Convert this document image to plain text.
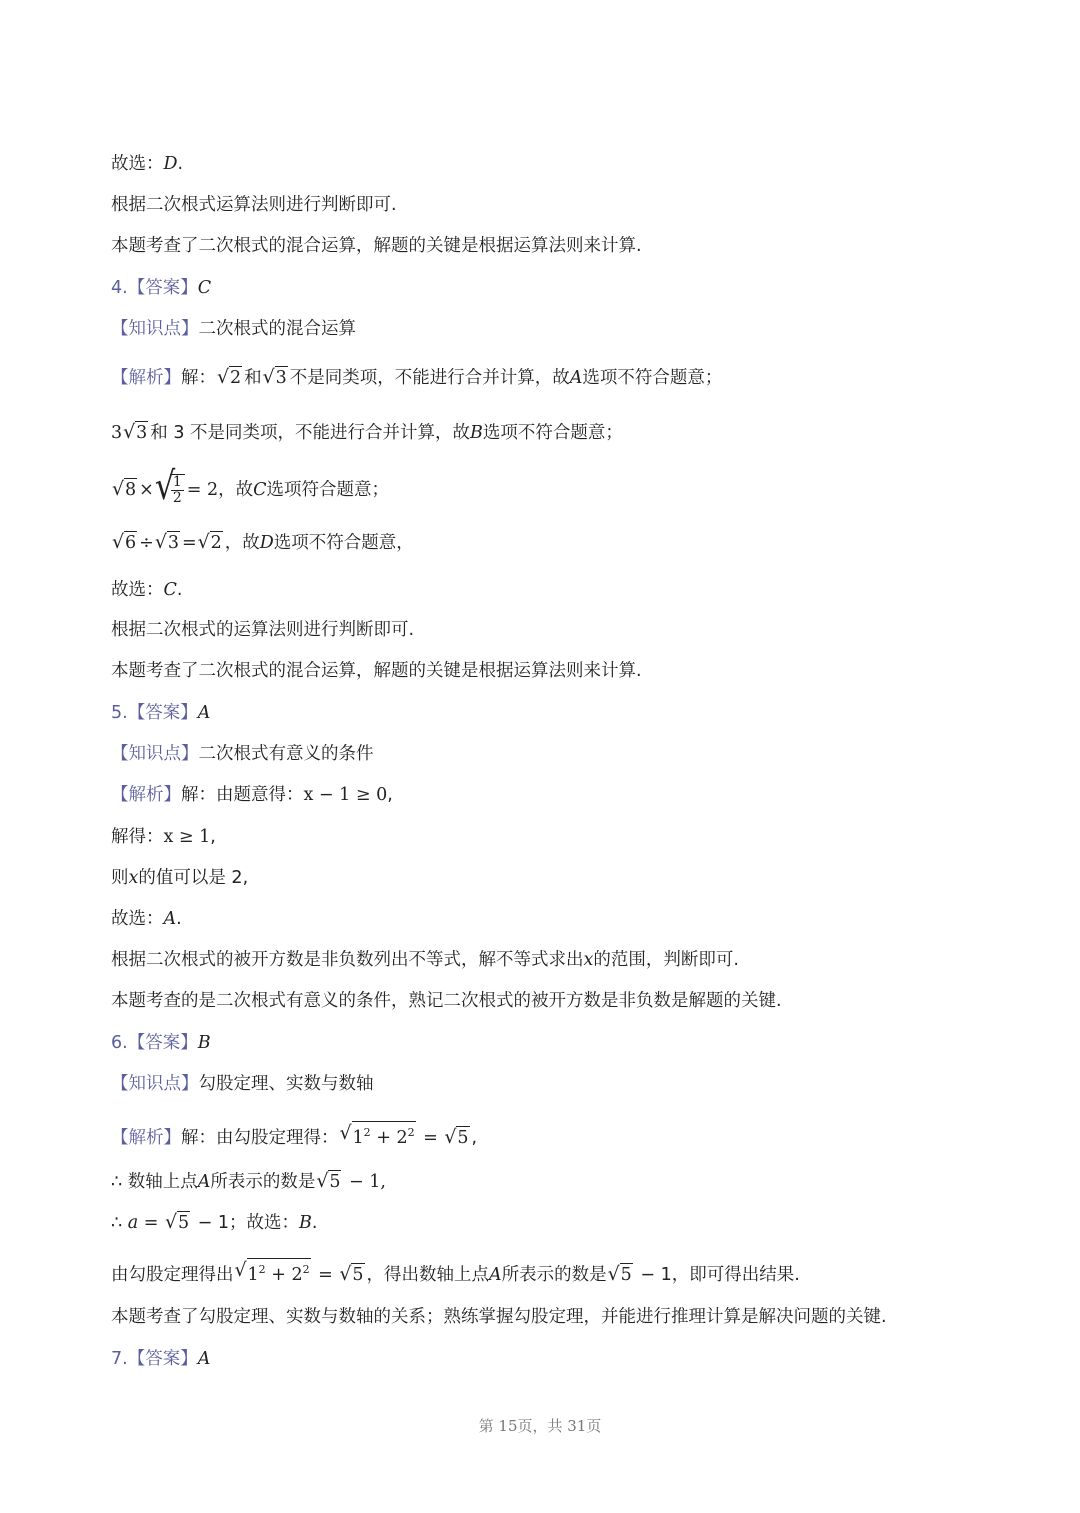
故选：D.
根据二次根式运算法则进行判断即可.
本题考查了二次根式的混合运算，解题的关键是根据运算法则来计算.
4.【答案】C
【知识点】二次根式的混合运算
【解析】解： √ 2 和 √ 3 不是同类项，不能进行合并计算，故A选项不符合题意；
3 √ 3 和 3 不是同类项，不能进行合并计算，故B选项不符合题意；
√ 8 × √ $\frac{1}{2} = 2$，故C选项符合题意；
√ 6 ÷ √ 3 = √ 2 ，故D选项不符合题意，
故选：C.
根据二次根式的运算法则进行判断即可.
本题考查了二次根式的混合运算，解题的关键是根据运算法则来计算.
5.【答案】A
【知识点】二次根式有意义的条件
【解析】解：由题意得：x − 1 ≥ 0,
解得：x ≥ 1,
则x的值可以是 2,
故选：A.
根据二次根式的被开方数是非负数列出不等式，解不等式求出x的范围，判断即可.
本题考查的是二次根式有意义的条件，熟记二次根式的被开方数是非负数是解题的关键.
6.【答案】B
【知识点】勾股定理、实数与数轴
【解析】解：由勾股定理得： √ $1^2 + 2^2$ = √ 5 ,
∴ 数轴上点A所表示的数是 √ 5 − 1,
∴ a = √ 5 − 1；故选：B.
由勾股定理得出 √ $1^2 + 2^2$ = √ 5 ，得出数轴上点A所表示的数是 √ 5 − 1，即可得出结果.
本题考查了勾股定理、实数与数轴的关系；熟练掌握勾股定理，并能进行推理计算是解决问题的关键.
7.【答案】A
第 15页，共 31页
